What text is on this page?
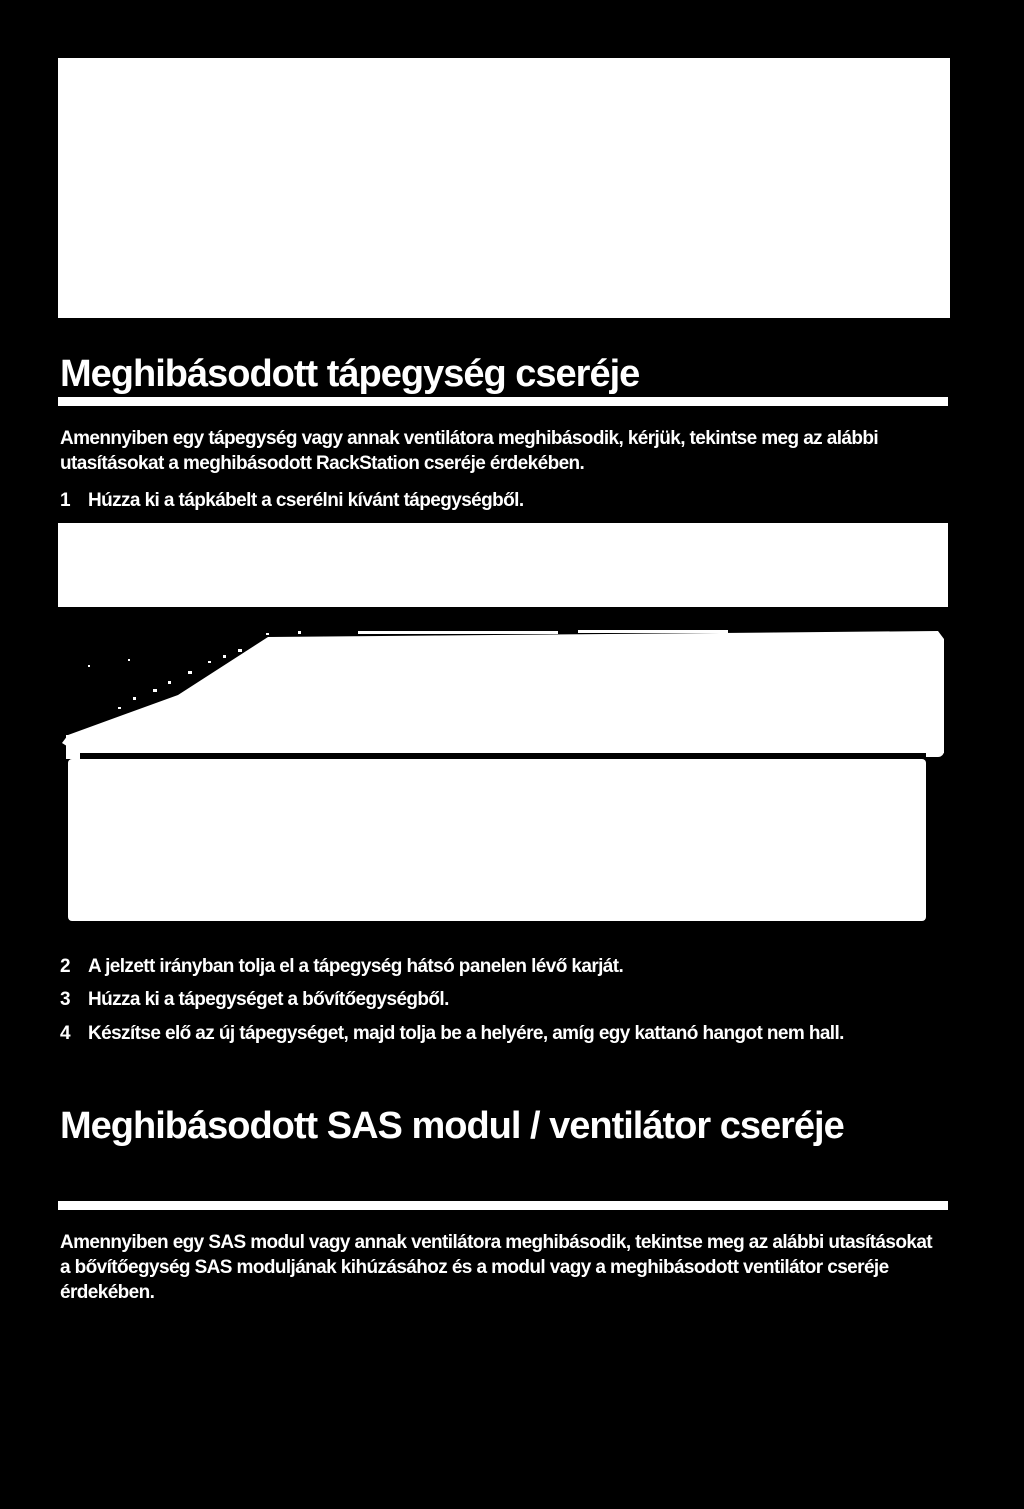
Meghibásodott tápegység cseréje

Amennyiben egy tápegység vagy annak ventilátora meghibásodik, kérjük, tekintse meg az alábbi utasításokat a meghibásodott RackStation cseréje érdekében.

1 Húzza ki a tápkábelt a cserélni kívánt tápegységből.
2 A jelzett irányban tolja el a tápegység hátsó panelen lévő karját.
3 Húzza ki a tápegységet a bővítőegységből.
4 Készítse elő az új tápegységet, majd tolja be a helyére, amíg egy kattanó hangot nem hall.
Meghibásodott SAS modul / ventilátor cseréje

Amennyiben egy SAS modul vagy annak ventilátora meghibásodik, tekintse meg az alábbi utasításokat a bővítőegység SAS moduljának kihúzásához és a modul vagy a meghibásodott ventilátor cseréje érdekében.
